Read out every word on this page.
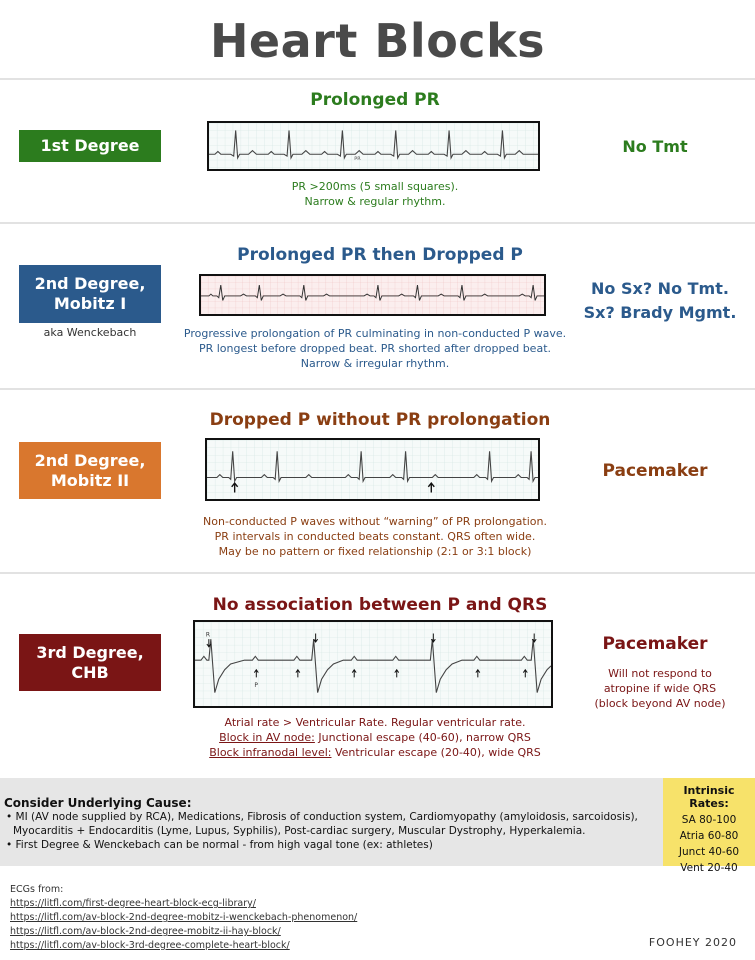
Heart Blocks
Prolonged PR
1st Degree
PR
PR >200ms (5 small squares).
Narrow & regular rhythm.
No Tmt
Prolonged PR then Dropped P
2nd Degree, Mobitz I
aka Wenckebach	Progressive prolongation of PR culminating in non-conducted P wave.
PR longest before dropped beat. PR shorted after dropped beat.
Narrow & irregular rhythm.
No Sx? No Tmt.
Sx? Brady Mgmt.
Dropped P without PR prolongation
2nd Degree, Mobitz II
Non-conducted P waves without “warning” of PR prolongation.
PR intervals in conducted beats constant. QRS often wide.
May be no pattern or fixed relationship (2:1 or 3:1 block)
Pacemaker
No association between P and QRS
3rd Degree, CHB
R
P
Atrial rate > Ventricular Rate. Regular ventricular rate.
Block in AV node: Junctional escape (40-60), narrow QRS
Block infranodal level: Ventricular escape (20-40), wide QRS
Pacemaker
Will not respond to
atropine if wide QRS
(block beyond AV node)
Consider Underlying Cause:
• MI (AV node supplied by RCA), Medications, Fibrosis of conduction system, Cardiomyopathy (amyloidosis, sarcoidosis), Myocarditis + Endocarditis (Lyme, Lupus, Syphilis), Post-cardiac surgery, Muscular Dystrophy, Hyperkalemia.
• First Degree & Wenckebach can be normal - from high vagal tone (ex: athletes)
Intrinsic Rates:
SA 80-100
Atria 60-80
Junct 40-60
Vent 20-40
ECGs from:
https://litfl.com/first-degree-heart-block-ecg-library/
https://litfl.com/av-block-2nd-degree-mobitz-i-wenckebach-phenomenon/
https://litfl.com/av-block-2nd-degree-mobitz-ii-hay-block/
https://litfl.com/av-block-3rd-degree-complete-heart-block/	FOOHEY 2020
